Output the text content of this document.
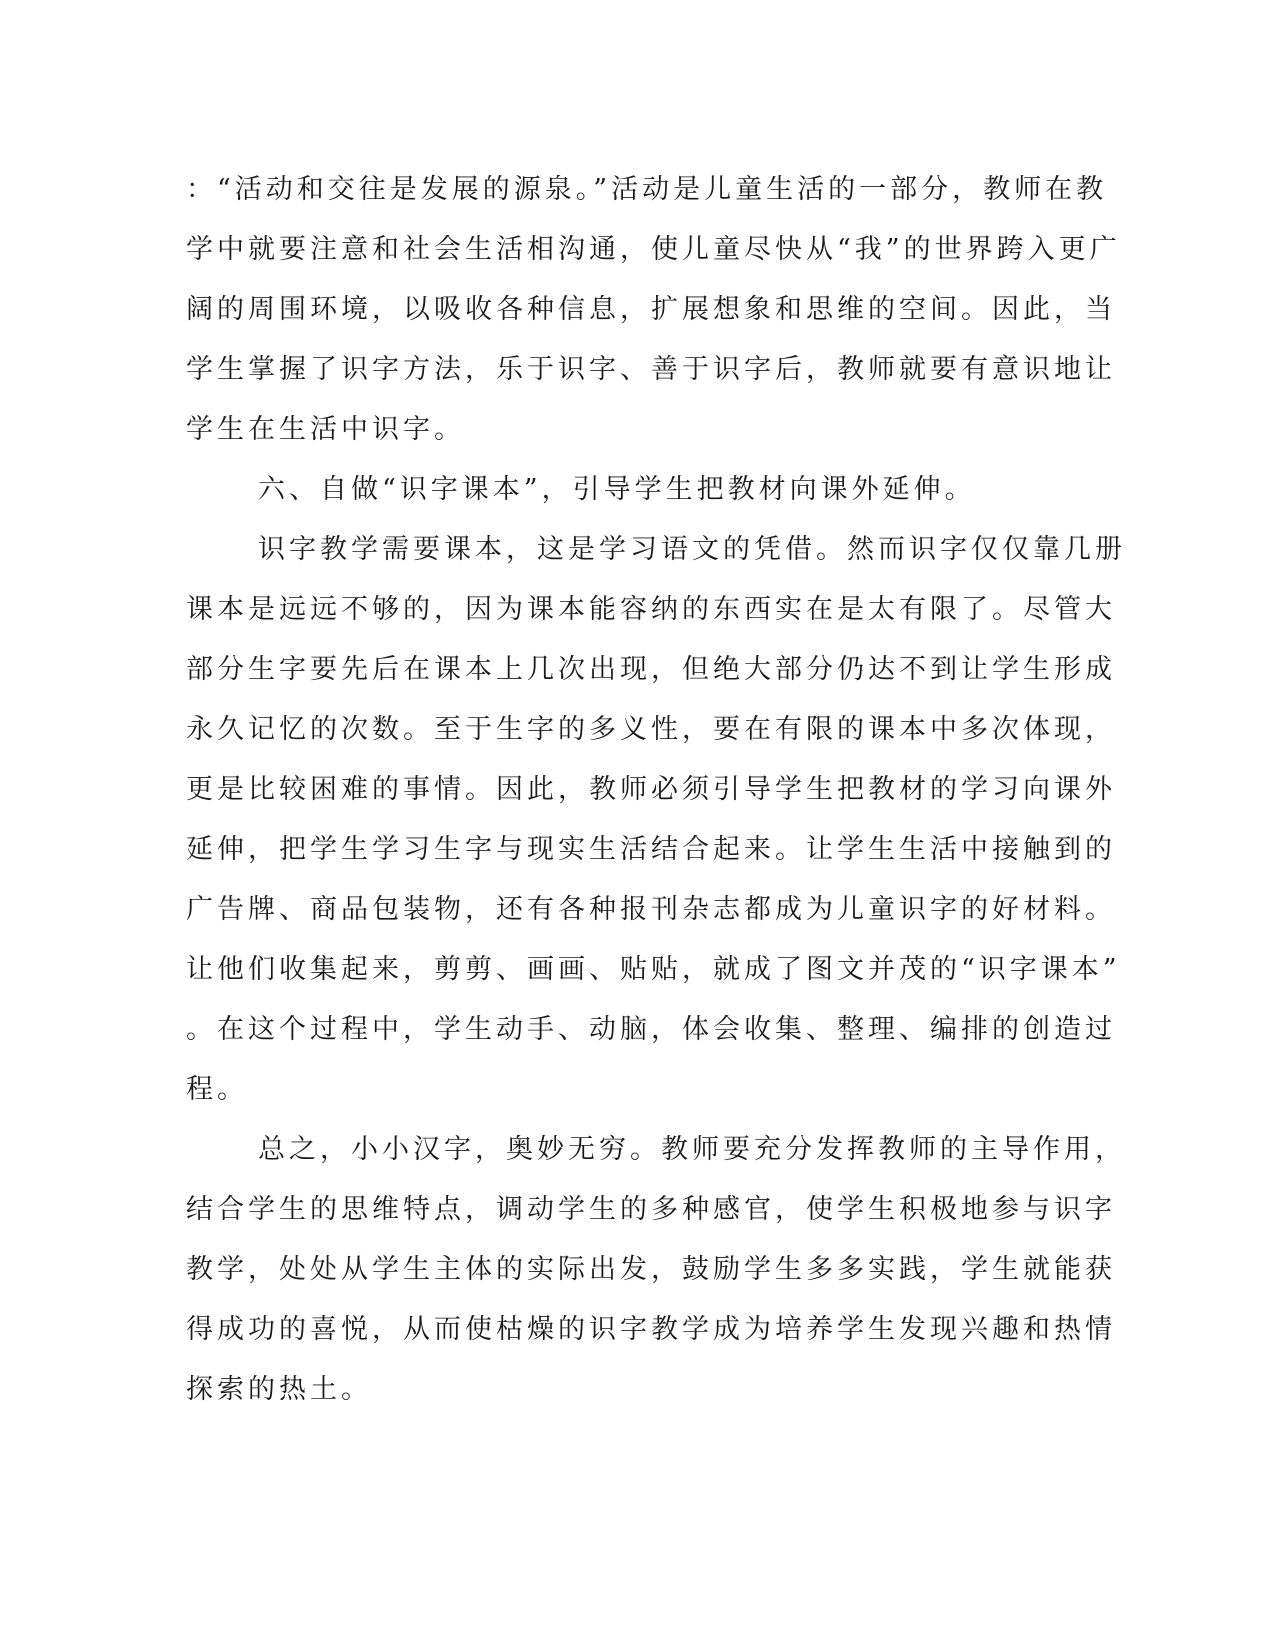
：“活动和交往是发展的源泉。”活动是儿童生活的一部分，教师在教
学中就要注意和社会生活相沟通，使儿童尽快从“我”的世界跨入更广
阔的周围环境，以吸收各种信息，扩展想象和思维的空间。因此，当
学生掌握了识字方法，乐于识字、善于识字后，教师就要有意识地让
学生在生活中识字。
六、自做“识字课本”，引导学生把教材向课外延伸。
识字教学需要课本，这是学习语文的凭借。然而识字仅仅靠几册
课本是远远不够的，因为课本能容纳的东西实在是太有限了。尽管大
部分生字要先后在课本上几次出现，但绝大部分仍达不到让学生形成
永久记忆的次数。至于生字的多义性，要在有限的课本中多次体现，
更是比较困难的事情。因此，教师必须引导学生把教材的学习向课外
延伸，把学生学习生字与现实生活结合起来。让学生生活中接触到的
广告牌、商品包装物，还有各种报刊杂志都成为儿童识字的好材料。
让他们收集起来，剪剪、画画、贴贴，就成了图文并茂的“识字课本”
。在这个过程中，学生动手、动脑，体会收集、整理、编排的创造过
程。
总之，小小汉字，奥妙无穷。教师要充分发挥教师的主导作用，
结合学生的思维特点，调动学生的多种感官，使学生积极地参与识字
教学，处处从学生主体的实际出发，鼓励学生多多实践，学生就能获
得成功的喜悦，从而使枯燥的识字教学成为培养学生发现兴趣和热情
探索的热土。
